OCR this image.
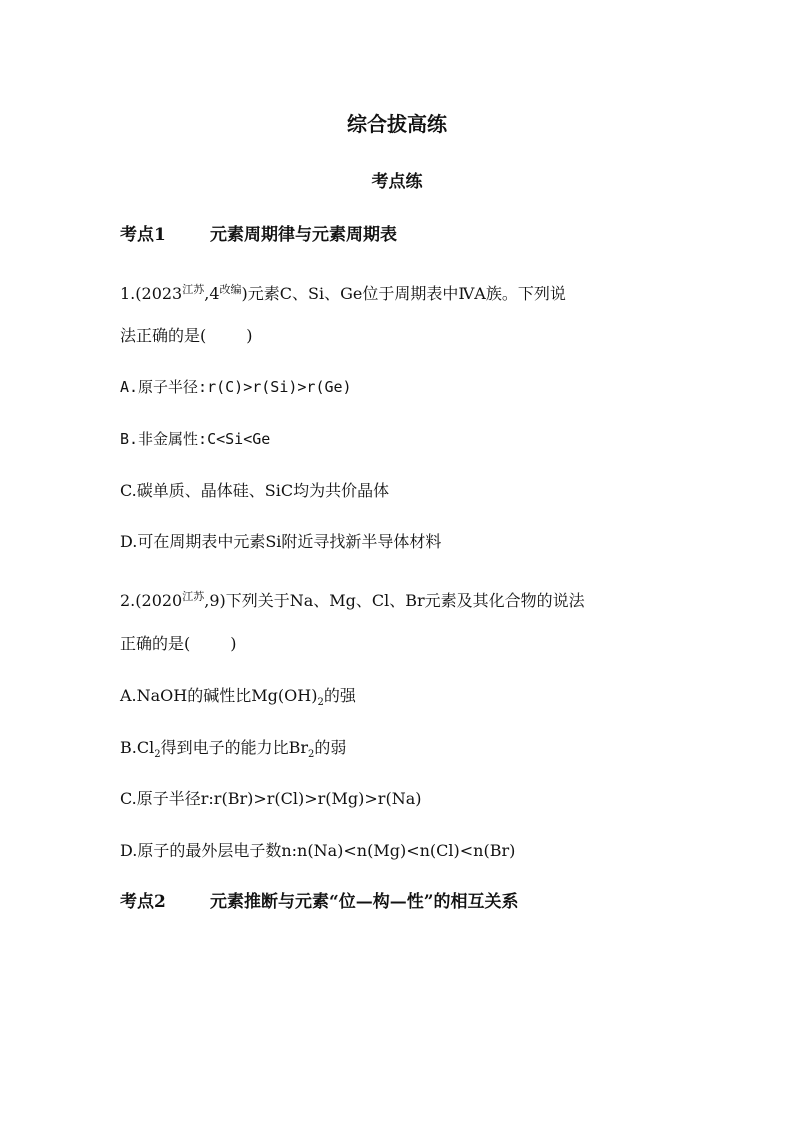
综合拔高练
考点练
考点1	元素周期律与元素周期表
$1.(2023^{江苏},4^{改编})$元素C、Si、Ge位于周期表中ⅣA族。下列说
法正确的是(	)
A.原子半径:r(C)>r(Si)>r(Ge)
B.非金属性:C<Si<Ge
C.碳单质、晶体硅、SiC均为共价晶体
D.可在周期表中元素Si附近寻找新半导体材料
$2.(2020^{江苏},9)$下列关于Na、Mg、Cl、Br元素及其化合物的说法
正确的是(	)
A.NaOH的碱性比$Mg(OH)_2$的强
$B.Cl_2$得到电子的能力比$Br_2$的弱
C.原子半径r:r(Br)>r(Cl)>r(Mg)>r(Na)
D.原子的最外层电子数n:n(Na)<n(Mg)<n(Cl)<n(Br)
考点2	元素推断与元素“位—构—性”的相互关系
